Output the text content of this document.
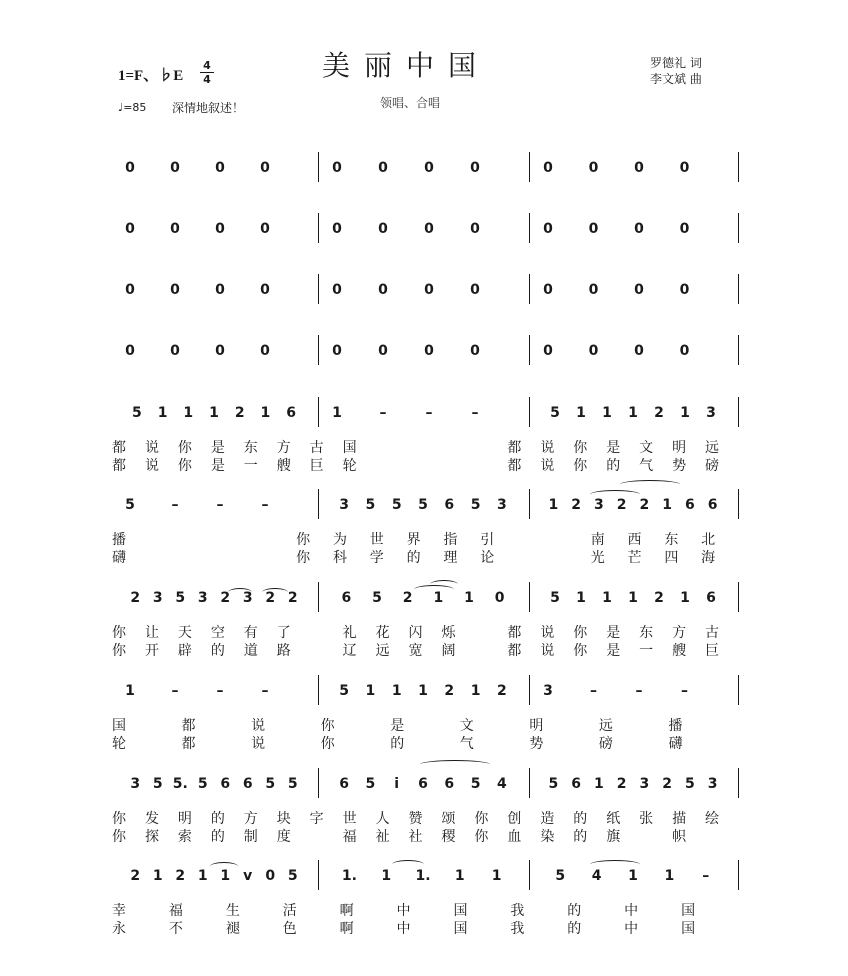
美丽中国
1=F、♭E
4
4
♩=85 深情地叙述！	领唱、合唱
罗德礼 词
李文斌 曲
0	0	0	0	0	0	0	0	0	0	0	0
0	0	0	0	0	0	0	0	0	0	0	0
0	0	0	0	0	0	0	0	0	0	0	0
0	0	0	0	0	0	0	0	0	0	0	0
5 1 1 1 2 1 6	1	–	–	–	5 1 1 1 2 1 3
都 说 你 是 东 方 古 国	都 说 你 是 文 明 远
都 说 你 是 一 艘 巨 轮	都 说 你 的 气 势 磅
5	–	–	–	3 5 5 5 6 5 3	1 2 3 2 2 1 6 6
播	你 为 世 界 指 引	南 西 东 北
礴	你 科 学 的 理 论	光 芒 四 海
2 3 5 3 2 3 2 2	6 5 2 1 1 0	5 1 1 1 2 1 6
你 让 天 空 有 了	礼 花 闪 烁	都 说 你 是 东 方 古
你 开 辟 的 道 路	辽 远 宽 阔	都 说 你 是 一 艘 巨
1	–	–	–	5 1 1 1 2 1 2	3	–	–	–
国	都	说	你	是	文	明	远	播
轮	都	说	你	的	气	势	磅	礴
3 5 5. 5 6 6 5 5	6 5 i 6 6 5 4	5 6 1 2 3 2 5 3
你 发 明 的 方 块 字 世 人 赞 颂 你 创 造 的 纸 张 描 绘
你 探 索 的 制 度	福 祉 社 稷 你 血 染 的 旗	帜
2 1 2 1 1 v 0 5	1. 1 1. 1 1	5 4 1 1 –
幸	福	生	活	啊	中	国	我	的	中	国
永	不	褪	色	啊	中	国	我	的	中	国
